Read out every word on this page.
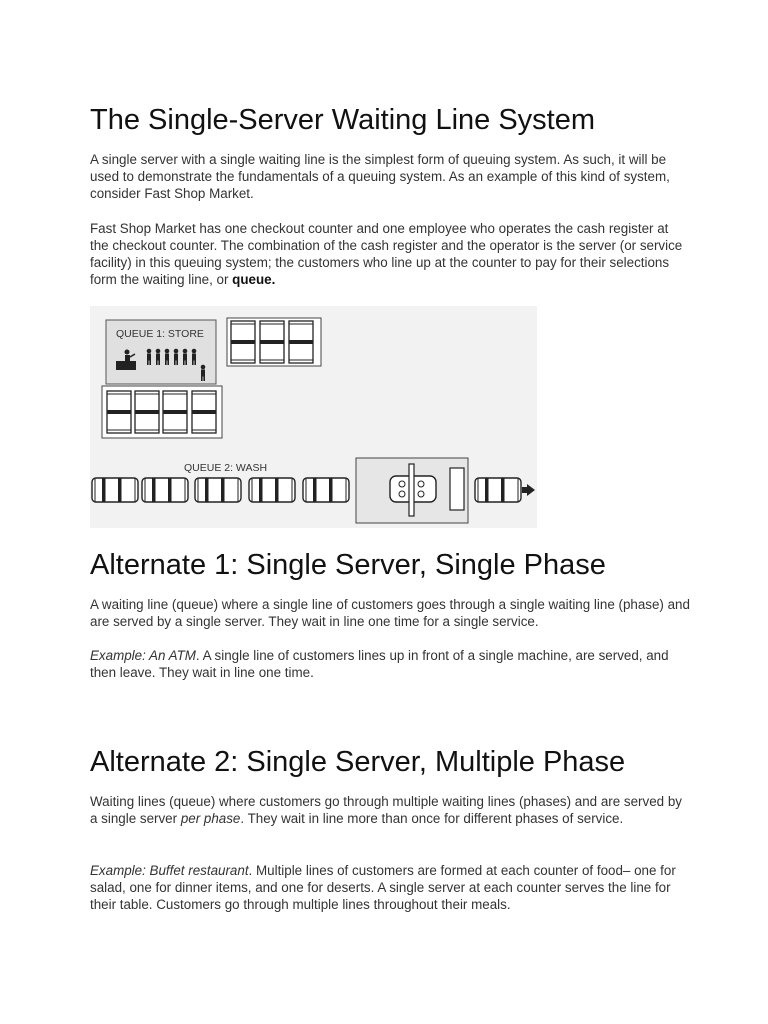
The Single-Server Waiting Line System

A single server with a single waiting line is the simplest form of queuing system. As such, it will be used to demonstrate the fundamentals of a queuing system. As an example of this kind of system, consider Fast Shop Market.

Fast Shop Market has one checkout counter and one employee who operates the cash register at the checkout counter. The combination of the cash register and the operator is the server (or service facility) in this queuing system; the customers who line up at the counter to pay for their selections form the waiting line, or queue.

QUEUE 1: STORE
QUEUE 2: WASH
Alternate 1: Single Server, Single Phase

A waiting line (queue) where a single line of customers goes through a single waiting line (phase) and are served by a single server. They wait in line one time for a single service.

Example: An ATM. A single line of customers lines up in front of a single machine, are served, and then leave. They wait in line one time.

Alternate 2: Single Server, Multiple Phase

Waiting lines (queue) where customers go through multiple waiting lines (phases) and are served by a single server per phase. They wait in line more than once for different phases of service.

Example: Buffet restaurant. Multiple lines of customers are formed at each counter of food– one for salad, one for dinner items, and one for deserts. A single server at each counter serves the line for their table. Customers go through multiple lines throughout their meals.
